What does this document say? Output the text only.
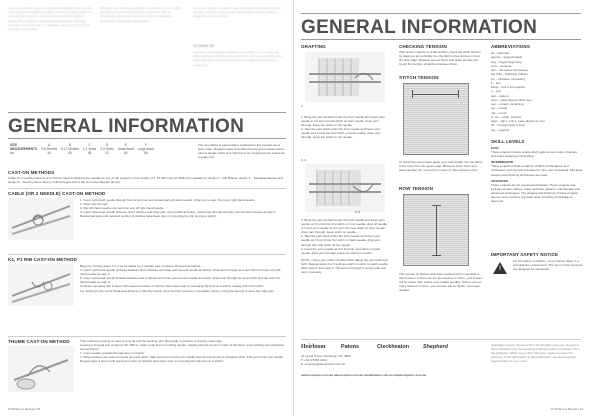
Lorem ipsum dolor sit amet, consectetur adipiscing elit, sed do eiusmod tempor incididunt ut labore et dolore magna aliqua. Ut enim ad minim veniam, quis nostrud exercitation ullamco laboris nisi ut aliquip ex ea commodo consequat. Duis aute irure dolor in reprehenderit in voluptate velit esse cillum dolore eu fugiat nulla pariatur.
Excepteur sint occaecat cupidatat non proident, sunt in culpa qui officia deserunt mollit anim id est laborum. Sed ut perspiciatis unde omnis iste natus error sit voluptatem accusantium doloremque laudantium.
Nemo enim ipsam voluptatem quia voluptas sit aspernatur aut odit aut fugit, sed quia consequuntur magni dolores eos qui ratione voluptatem sequi nesciunt.
TO MAKE UP
Excepteur sint occaecat cupidatat non proident, sunt in culpa qui officia deserunt mollit anim id est laborum. Sed ut perspiciatis unde omnis iste natus error sit voluptatem accusantium doloremque laudantium.
GENERAL INFORMATION
SIZE	A	B	C	D	E	F
MEASUREMENTS	3-6 Months	6-12 Months	1-2 Years	3-5 Years	Small Adult	Large Adult
cm	44	46	48	52	54	56
The size tables in each pattern contained in this booklet use a letter code. Measure head circumference around forehead above ears to decide which size will fit best as measurements stated are a guide only.
CAST-ON METHODS
Cable (or 2 needle) Cast-On and Thumb Cast-On Method are suitable for any of the projects in this booklet. K1, P1 Rib Cast-On Method is suitable for design 2 – Rib Beanie, design 3 – Seamless Beanie and design 6 – Slouchy Hood. Every method begins with a slip knot (see diagram above).
CABLE (OR 2 NEEDLE) CAST-ON METHOD
1. Insert right-hand needle through front of slip knot and underneath left-hand needle. Wrap yarn under, then over right-hand needle.
2. Draw loop through.
3. Slip left-hand needle into new loop and off right-hand needle.
4. Insert right-hand needle between last 2 stitches and wrap yarn over needle as before. Draw loop through and slip onto left-hand needle as step 3.
Repeat last step until required number of stitches have been cast on (counting the slip knot as a stitch).
K1, P1 RIB CAST-ON METHOD
Begin by working steps 1 to 3 as for Cable (or 2 needle) cast on above. Proceed as follows –
4. Insert right-hand needle purlwise between last 2 stitches and wrap yarn around needle as before. Draw loop through as a purl stitch and slip onto left-hand needle as step 3.
5. Insert right-hand needle knitwise between last 2 stitches and wrap yarn around needle as before. Draw loop through as a knit stitch and slip onto left-hand needle as step 3.
Continue repeating last 2 steps until required number of stitches have been cast on (counting slip knot as a stitch), ending with a knit stitch.
For working in the round (Seamless Beanie or Slouchy Hood), work the first round as a row before joining, using the tail end to close the edge gap.
THUMB CAST-ON METHOD	This method of casting on uses a long tail and the working yarn (from ball) to produce a stretchy, neat edge.
Leaving a long tail end of approx 90–150cm, make a slip knot on knitting needle. Holding tail end of yarn in palm of left hand, wrap working yarn clockwise around thumb.
1. Insert needle upwards through loop on thumb.
2. Wrap working yarn around needle as a knit stitch. Take loop from thumb over needle and remove thumb to complete stitch. Pull yarn firmly onto needle.
Repeat steps 1 and 2 until required number of stitches have been cast on (counting the slip knot as a stitch).
18 Babies & Beanies P4
GENERAL INFORMATION
GRAFTING
1.
1. Bring the yarn forward under the front needle and insert yarn needle in 1st purl into first stitch on front needle, draw yarn through, leave the stitch on the needle.
2. Take the yarn back under the front needle and insert yarn needle as if to knit into first stitch on back needle, draw yarn through, leave the stitch on the needle.
3, 4
5, 6
3. Bring the yarn forward under the front needle and insert yarn needle as if to knit into first stitch on front needle, drop off needle.
4. Insert yarn needle as if to purl into next stitch on front needle, draw yarn through, leave stitch on needle.
5. Take the yarn back under the front needle and insert yarn needle as if to purl into first stitch on back needle, draw yarn through then slip stitch off the needle.
6. Insert the yarn needle as if to knit into next stitch on back needle, draw yarn through, leave the stitch on needle.
NOTE – Keep yarn under needles when taking the yarn back and forth. Repeat steps 3 to 6 until one stitch remains on each needle. Work step 3, then step 5. Thread end through to wrong side and sew in securely.
CHECKING TENSION
With tension square on a flat surface, check the stitch tension by placing a pin vertically into the fabric a few stitches in from the side edge. Measure across 10cm and place another pin. Count the number of stitches between them.
STITCH TENSION
To check the row tension place a pin horizontally into the fabric a few rows from the upper edge. Measure down 10cm and place another pin. Count the number of rows between them.
ROW TENSION
The number of stitches and rows required will be specified in each pattern. If there are too few stitches to 10cm, your tension will be looser than stated, use smaller needles. If there are too many stitches to 10cm, your tension will be tighter, use larger needles.
ABBREVIATIONS
alt – alternate
approx – approximately
beg – begin/ beginning
cont – continue
dec – decrease/ decreasing
foll, folls – following, follows
inc – increase, increasing
k – knit
k2tog – knit 2 sts together
p – purl
patt – pattern
psso – pass slipped stitch over
rem – remain, remaining
rep – repeat
rnd – round
st, sts – stitch, stitches
skpo – slip 1, knit 1, pass slipped st over
tbl – through back of loop
tog – together
SKILL LEVELS
EASY
These projects include simple stitch patterns and colour changes, plus basic shaping and finishing.
INTERMEDIATE
These projects include a variety of stitch combinations and techniques such as textured patterns, lace and colourwork. Mid-level shaping and finishing techniques are used.
ADVANCED
These projects are for experienced knitters. These projects may include complex cables, colour and lace patterns, intricate lace and advanced techniques. The shaping and finishing of these projects can be more involved. A greater level of knitting knowledge is assumed.
IMPORTANT SAFETY NOTICE
!
For the safety of children, care must be taken in a potential fire environment. The items in this book are not designed for sleepwear.
Heirloom	Patons	Cleckheaton	Shepherd
14 Lionel Street, Wodonga, VIC 3690
T: +61 3 5466 4014
E: enquiries@auspinners.com.au
heirloomyarns.com.au patonsyarns.com.au cleckheaton.com.au shepherdyarns.com.au
Australian Country Spinners Pty Ltd. All rights reserved. No part of this publication may be reproduced without written permission from the publisher. While every effort has been made to ensure the accuracy of the information in this publication, we cannot accept responsibility for any errors.
P4 Babies & Beanies 19
